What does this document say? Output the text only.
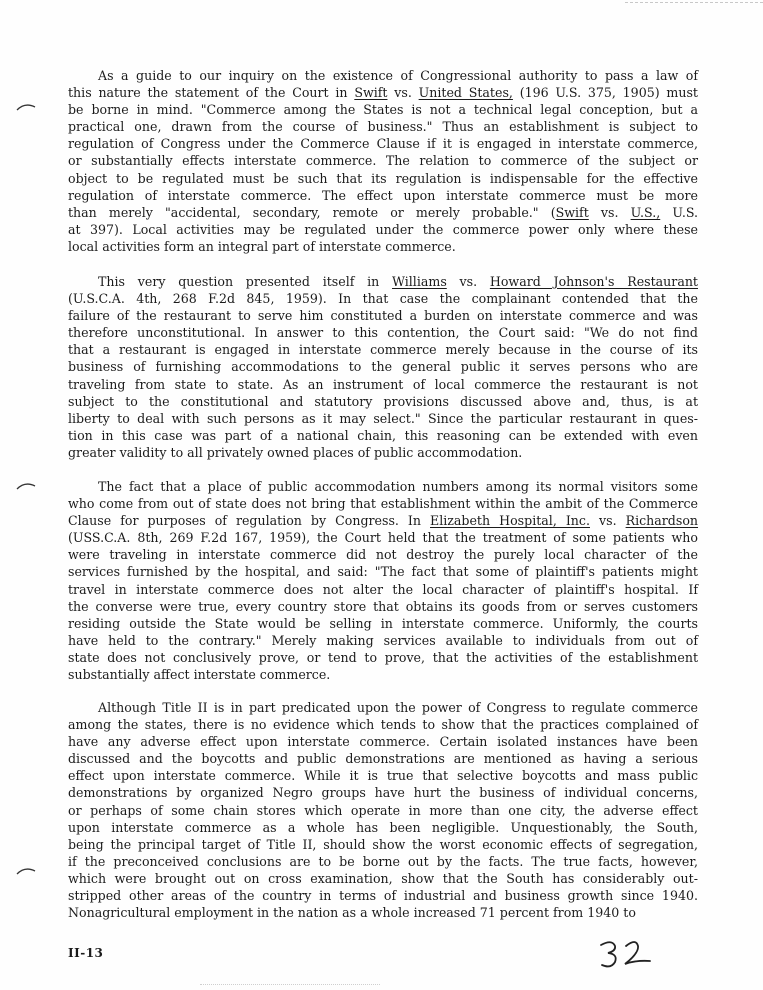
As a guide to our inquiry on the existence of Congressional authority to pass a law of
this nature the statement of the Court in Swift vs. United States, (196 U.S. 375, 1905) must
be borne in mind. "Commerce among the States is not a technical legal conception, but a
practical one, drawn from the course of business." Thus an establishment is subject to
regulation of Congress under the Commerce Clause if it is engaged in interstate commerce,
or substantially effects interstate commerce. The relation to commerce of the subject or
object to be regulated must be such that its regulation is indispensable for the effective
regulation of interstate commerce. The effect upon interstate commerce must be more
than merely "accidental, secondary, remote or merely probable." (Swift vs. U.S., U.S.
at 397). Local activities may be regulated under the commerce power only where these
local activities form an integral part of interstate commerce.
This very question presented itself in Williams vs. Howard Johnson's Restaurant
(U.S.C.A. 4th, 268 F.2d 845, 1959). In that case the complainant contended that the
failure of the restaurant to serve him constituted a burden on interstate commerce and was
therefore unconstitutional. In answer to this contention, the Court said: "We do not find
that a restaurant is engaged in interstate commerce merely because in the course of its
business of furnishing accommodations to the general public it serves persons who are
traveling from state to state. As an instrument of local commerce the restaurant is not
subject to the constitutional and statutory provisions discussed above and, thus, is at
liberty to deal with such persons as it may select." Since the particular restaurant in ques-
tion in this case was part of a national chain, this reasoning can be extended with even
greater validity to all privately owned places of public accommodation.
The fact that a place of public accommodation numbers among its normal visitors some
who come from out of state does not bring that establishment within the ambit of the Commerce
Clause for purposes of regulation by Congress. In Elizabeth Hospital, Inc. vs. Richardson
(USS.C.A. 8th, 269 F.2d 167, 1959), the Court held that the treatment of some patients who
were traveling in interstate commerce did not destroy the purely local character of the
services furnished by the hospital, and said: "The fact that some of plaintiff's patients might
travel in interstate commerce does not alter the local character of plaintiff's hospital. If
the converse were true, every country store that obtains its goods from or serves customers
residing outside the State would be selling in interstate commerce. Uniformly, the courts
have held to the contrary." Merely making services available to individuals from out of
state does not conclusively prove, or tend to prove, that the activities of the establishment
substantially affect interstate commerce.
Although Title II is in part predicated upon the power of Congress to regulate commerce
among the states, there is no evidence which tends to show that the practices complained of
have any adverse effect upon interstate commerce. Certain isolated instances have been
discussed and the boycotts and public demonstrations are mentioned as having a serious
effect upon interstate commerce. While it is true that selective boycotts and mass public
demonstrations by organized Negro groups have hurt the business of individual concerns,
or perhaps of some chain stores which operate in more than one city, the adverse effect
upon interstate commerce as a whole has been negligible. Unquestionably, the South,
being the principal target of Title II, should show the worst economic effects of segregation,
if the preconceived conclusions are to be borne out by the facts. The true facts, however,
which were brought out on cross examination, show that the South has considerably out-
stripped other areas of the country in terms of industrial and business growth since 1940.
Nonagricultural employment in the nation as a whole increased 71 percent from 1940 to
II-13
